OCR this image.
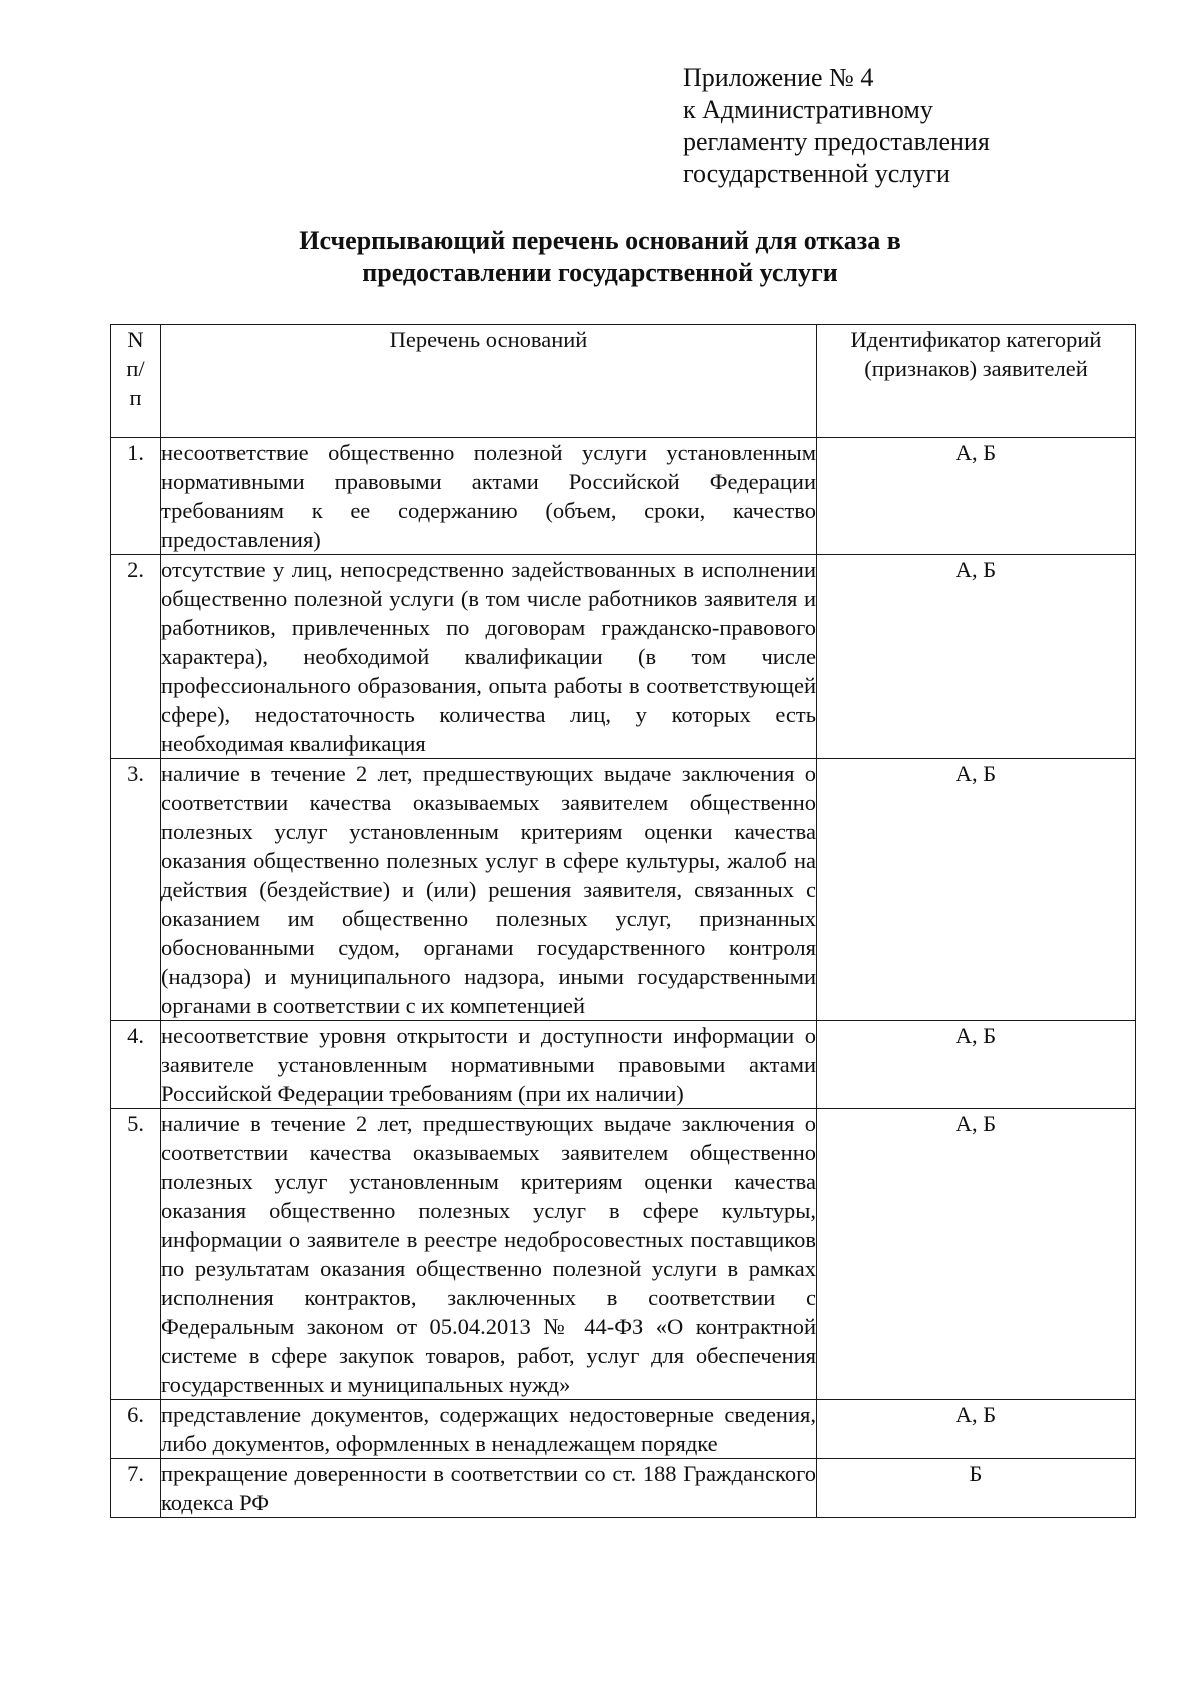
Приложение № 4
к Административному
регламенту предоставления
государственной услуги
Исчерпывающий перечень оснований для отказа в
предоставлении государственной услуги
N
п/
п	Перечень оснований	Идентификатор категорий (признаков) заявителей
1.	несоответствие общественно полезной услуги установленным нормативными правовыми актами Российской Федерации требованиям к ее содержанию (объем, сроки, качество предоставления)	А, Б
2.	отсутствие у лиц, непосредственно задействованных в исполнении общественно полезной услуги (в том числе работников заявителя и работников, привлеченных по договорам гражданско-правового характера), необходимой квалификации (в том числе профессионального образования, опыта работы в соответствующей сфере), недостаточность количества лиц, у которых есть необходимая квалификация	А, Б
3.	наличие в течение 2 лет, предшествующих выдаче заключения о соответствии качества оказываемых заявителем общественно полезных услуг установленным критериям оценки качества оказания общественно полезных услуг в сфере культуры, жалоб на действия (бездействие) и (или) решения заявителя, связанных с оказанием им общественно полезных услуг, признанных обоснованными судом, органами государственного контроля (надзора) и муниципального надзора, иными государственными органами в соответствии с их компетенцией	А, Б
4.	несоответствие уровня открытости и доступности информации о заявителе установленным нормативными правовыми актами Российской Федерации требованиям (при их наличии)	А, Б
5.	наличие в течение 2 лет, предшествующих выдаче заключения о соответствии качества оказываемых заявителем общественно полезных услуг установленным критериям оценки качества оказания общественно полезных услуг в сфере культуры, информации о заявителе в реестре недобросовестных поставщиков по результатам оказания общественно полезной услуги в рамках исполнения контрактов, заключенных в соответствии с Федеральным законом от 05.04.2013 № 44-ФЗ «О контрактной системе в сфере закупок товаров, работ, услуг для обеспечения государственных и муниципальных нужд»	А, Б
6.	представление документов, содержащих недостоверные сведения, либо документов, оформленных в ненадлежащем порядке	А, Б
7.	прекращение доверенности в соответствии со ст. 188 Гражданского кодекса РФ	Б
